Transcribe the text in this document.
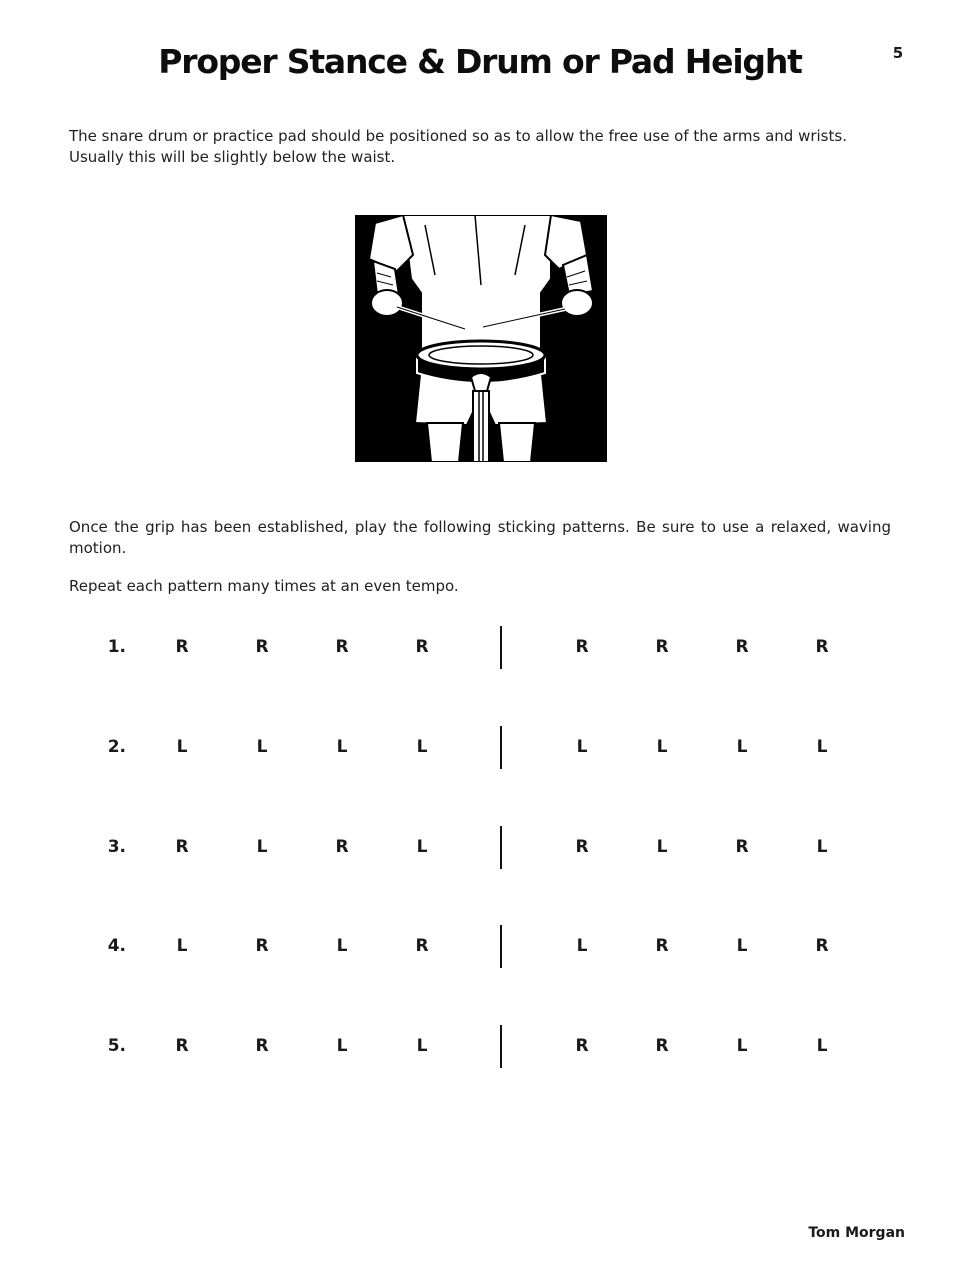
5
Proper Stance & Drum or Pad Height
The snare drum or practice pad should be positioned so as to allow the free use of the arms and wrists. Usually this will be slightly below the waist.
Once the grip has been established, play the following sticking patterns. Be sure to use a relaxed, waving motion.
Repeat each pattern many times at an even tempo.
1.	R	R	R	R	R	R	R	R
2.	L	L	L	L	L	L	L	L
3.	R	L	R	L	R	L	R	L
4.	L	R	L	R	L	R	L	R
5.	R	R	L	L	R	R	L	L
Tom Morgan
